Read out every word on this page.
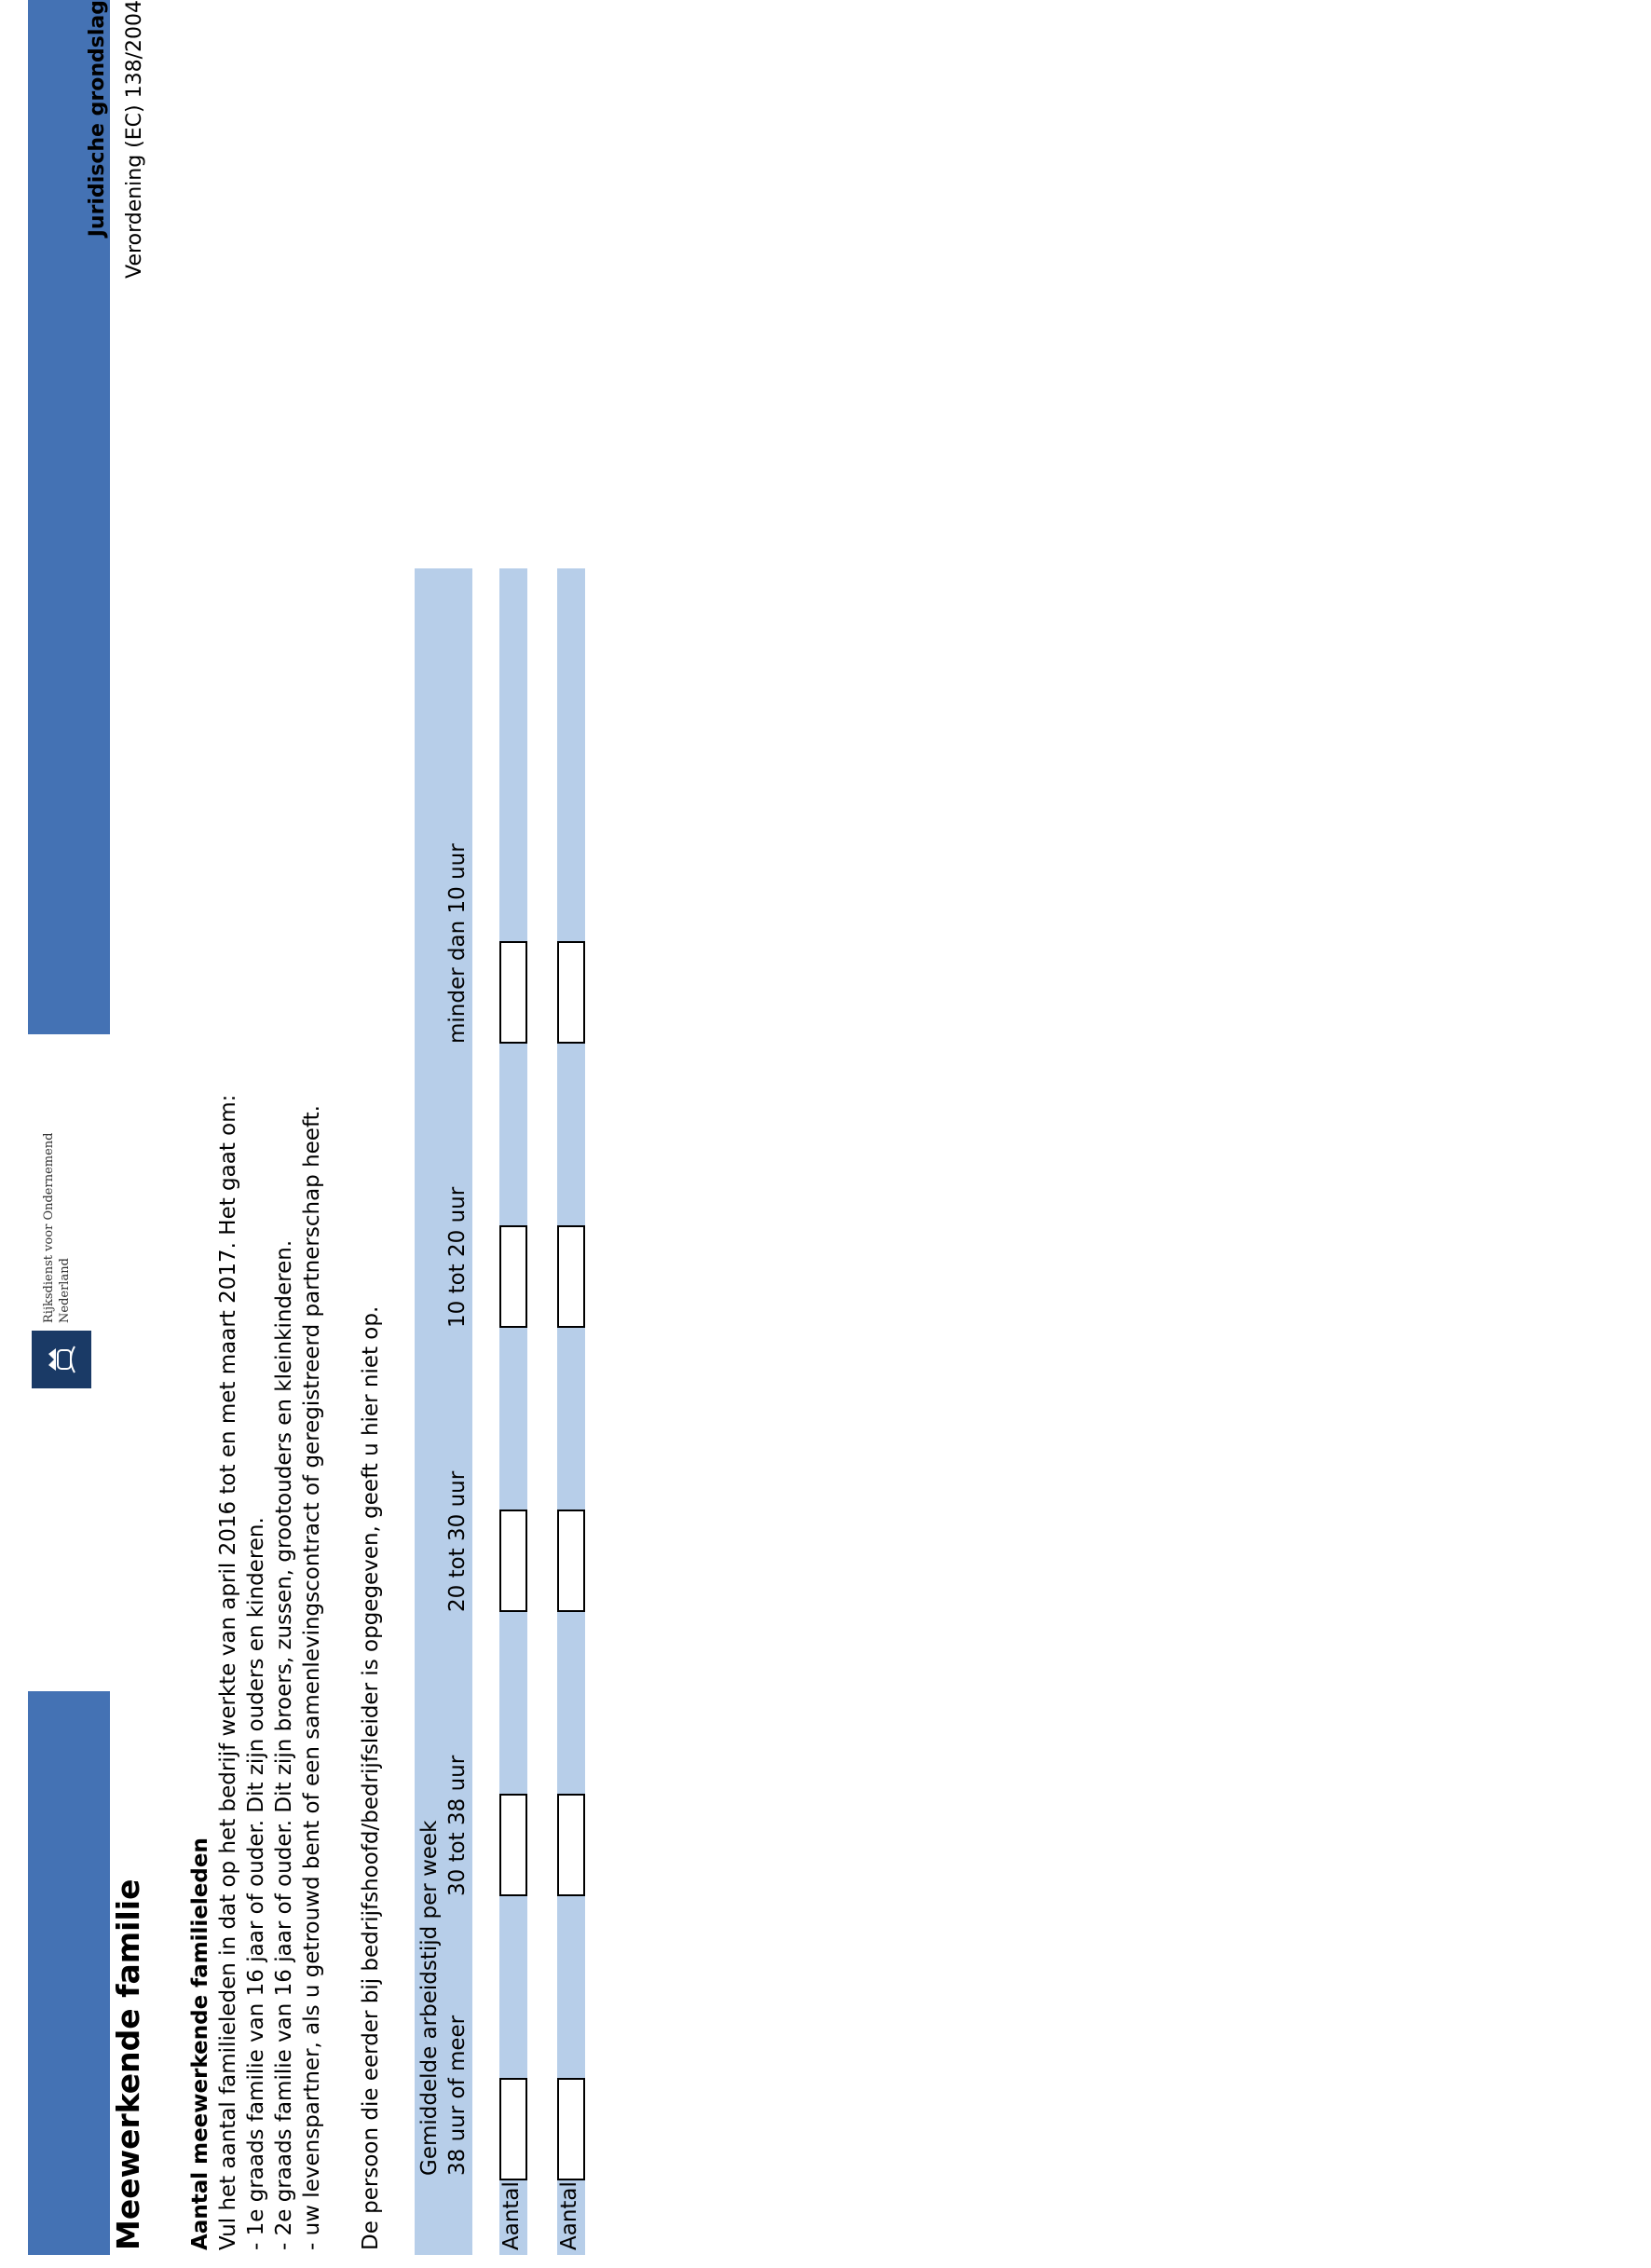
Rijksdienst voor Ondernemend Nederland
Meewerkende familie
Juridische grondslag Verordening (EC) 138/2004
Aantal meewerkende familieleden Vul het aantal familieleden in dat op het bedrijf werkte van april 2016 tot en met maart 2017. Het gaat om: - 1e graads familie van 16 jaar of ouder. Dit zijn ouders en kinderen. - 2e graads familie van 16 jaar of ouder. Dit zijn broers, zussen, grootouders en kleinkinderen. - uw levenspartner, als u getrouwd bent of een samenlevingscontract of geregistreerd partnerschap heeft. De persoon die eerder bij bedrijfshoofd/bedrijfsleider is opgegeven, geeft u hier niet op. Gemiddelde arbeidstijd per week 38 uur of meer
30 tot 38 uur
20 tot 30 uur
10 tot 20 uur
minder dan 10 uur
